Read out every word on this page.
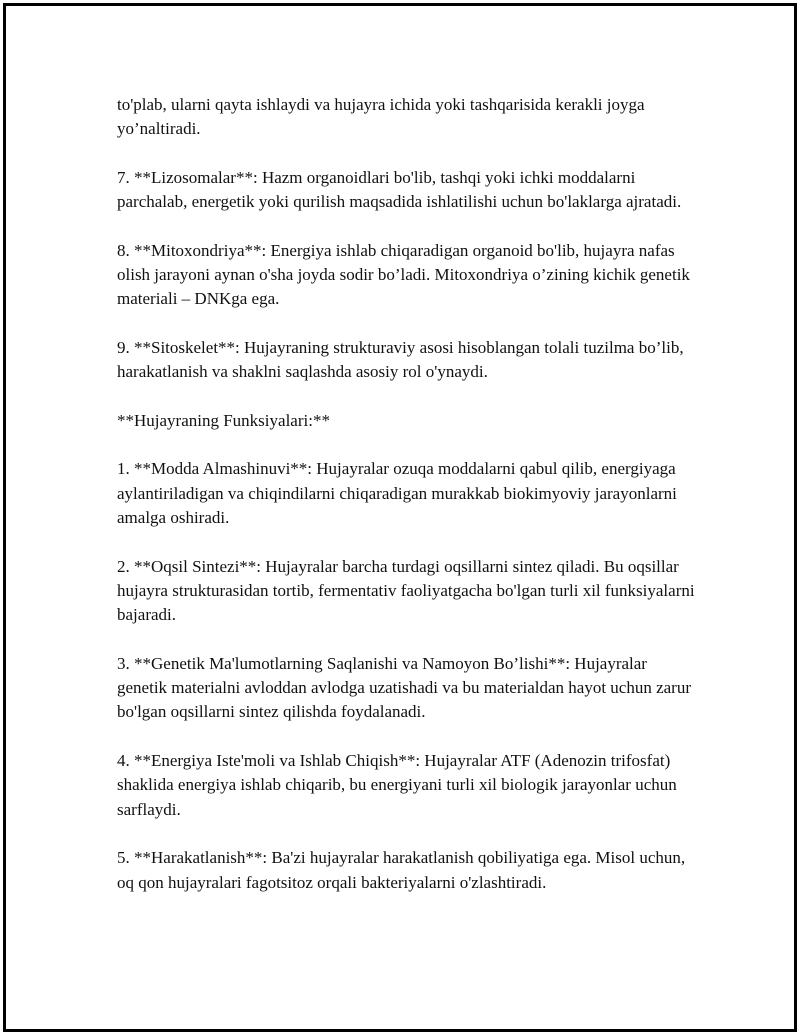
to'plab, ularni qayta ishlaydi va hujayra ichida yoki tashqarisida kerakli joyga yo’naltiradi.

7. **Lizosomalar**: Hazm organoidlari bo'lib, tashqi yoki ichki moddalarni parchalab, energetik yoki qurilish maqsadida ishlatilishi uchun bo'laklarga ajratadi.

8. **Mitoxondriya**: Energiya ishlab chiqaradigan organoid bo'lib, hujayra nafas olish jarayoni aynan o'sha joyda sodir bo’ladi. Mitoxondriya o’zining kichik genetik materiali – DNKga ega.

9. **Sitoskelet**: Hujayraning strukturaviy asosi hisoblangan tolali tuzilma bo’lib, harakatlanish va shaklni saqlashda asosiy rol o'ynaydi.

**Hujayraning Funksiyalari:**

1. **Modda Almashinuvi**: Hujayralar ozuqa moddalarni qabul qilib, energiyaga aylantiriladigan va chiqindilarni chiqaradigan murakkab biokimyoviy jarayonlarni amalga oshiradi.

2. **Oqsil Sintezi**: Hujayralar barcha turdagi oqsillarni sintez qiladi. Bu oqsillar hujayra strukturasidan tortib, fermentativ faoliyatgacha bo'lgan turli xil funksiyalarni bajaradi.

3. **Genetik Ma'lumotlarning Saqlanishi va Namoyon Bo’lishi**: Hujayralar genetik materialni avloddan avlodga uzatishadi va bu materialdan hayot uchun zarur bo'lgan oqsillarni sintez qilishda foydalanadi.

4. **Energiya Iste'moli va Ishlab Chiqish**: Hujayralar ATF (Adenozin trifosfat) shaklida energiya ishlab chiqarib, bu energiyani turli xil biologik jarayonlar uchun sarflaydi.

5. **Harakatlanish**: Ba'zi hujayralar harakatlanish qobiliyatiga ega. Misol uchun, oq qon hujayralari fagotsitoz orqali bakteriyalarni o'zlashtiradi.
